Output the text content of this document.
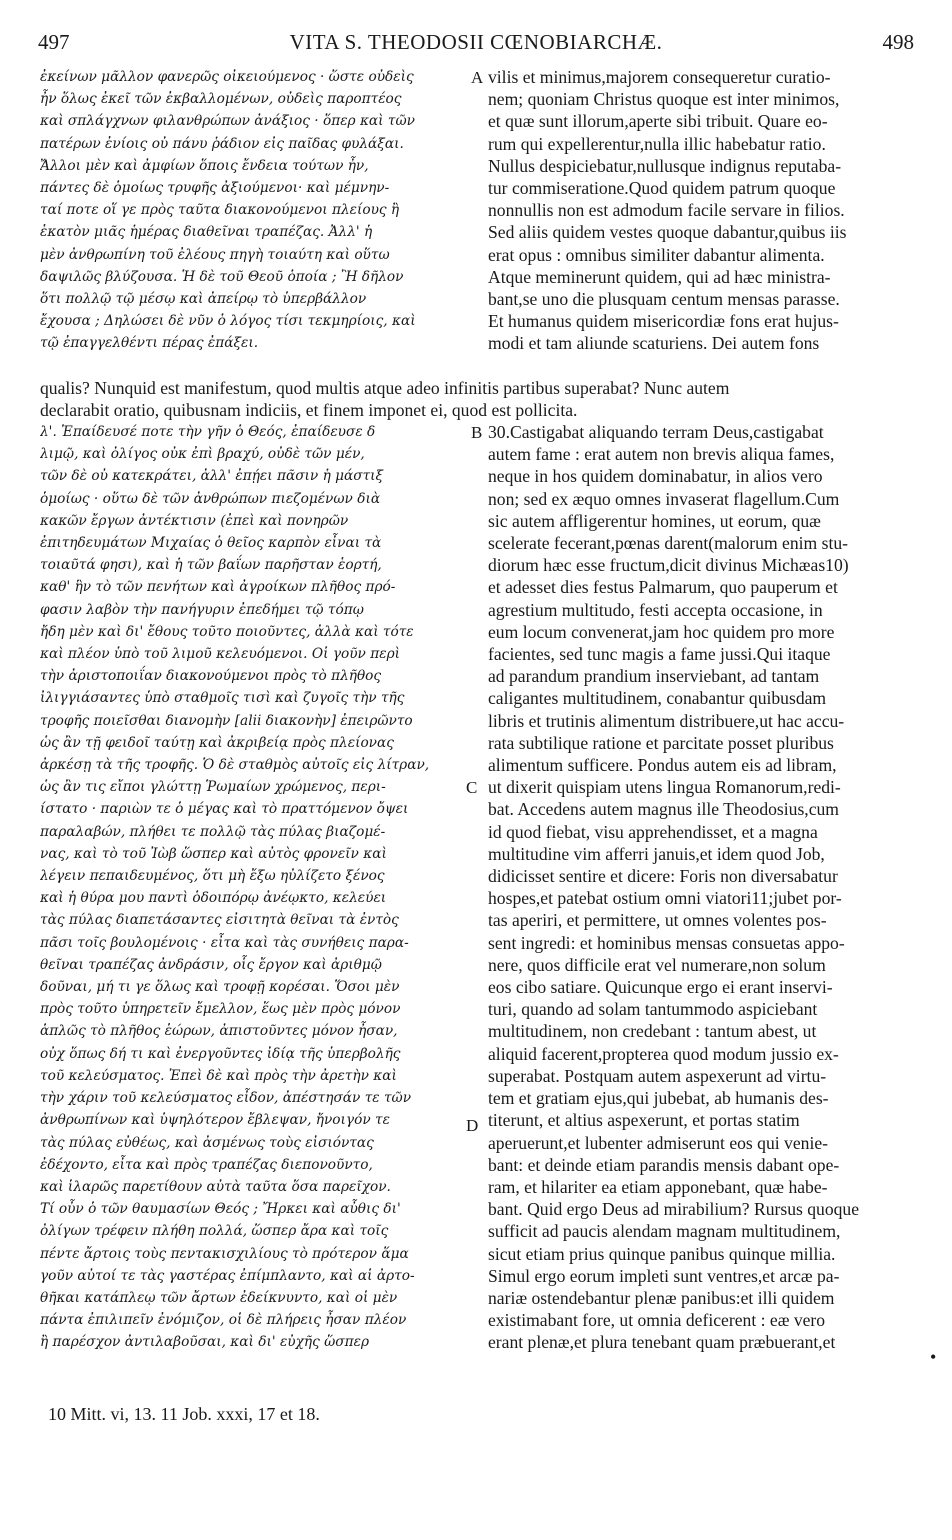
497	VITA S. THEODOSII CŒNOBIARCHÆ.	498
ἐκείνων μᾶλλον φανερῶς οἰκειούμενος · ὥστε οὐδεὶς
ἦν ὅλως ἐκεῖ τῶν ἐκβαλλομένων, οὐδεὶς παροπτέος
καὶ σπλάγχνων φιλανθρώπων ἀνάξιος · ὅπερ καὶ τῶν
πατέρων ἐνίοις οὐ πάνυ ῥάδιον εἰς παῖδας φυλάξαι.
Ἄλλοι μὲν καὶ ἀμφίων ὅποις ἔνδεια τούτων ἦν,
πάντες δὲ ὁμοίως τρυφῆς ἀξιούμενοι· καὶ μέμνην-
ταί ποτε οἵ γε πρὸς ταῦτα διακονούμενοι πλείους ἢ
ἑκατὸν μιᾶς ἡμέρας διαθεῖναι τραπέζας. Ἀλλ' ἡ
μὲν ἀνθρωπίνη τοῦ ἐλέους πηγὴ τοιαύτη καὶ οὕτω
δαψιλῶς βλύζουσα. Ἡ δὲ τοῦ Θεοῦ ὁποία ; Ἢ δῆλον
ὅτι πολλῷ τῷ μέσῳ καὶ ἀπείρῳ τὸ ὑπερβάλλον
ἔχουσα ; Δηλώσει δὲ νῦν ὁ λόγος τίσι τεκμηρίοις, καὶ
τῷ ἐπαγγελθέντι πέρας ἐπάξει.
vilis et minimus,majorem consequeretur curatio-
nem; quoniam Christus quoque est inter minimos,
et quæ sunt illorum,aperte sibi tribuit. Quare eo-
rum qui expellerentur,nulla illic habebatur ratio.
Nullus despiciebatur,nullusque indignus reputaba-
tur commiseratione.Quod quidem patrum quoque
nonnullis non est admodum facile servare in filios.
Sed aliis quidem vestes quoque dabantur,quibus iis
erat opus : omnibus similiter dabantur alimenta.
Atque meminerunt quidem, qui ad hæc ministra-
bant,se uno die plusquam centum mensas parasse.
Et humanus quidem misericordiæ fons erat hujus-
modi et tam aliunde scaturiens. Dei autem fons
qualis? Nunquid est manifestum, quod multis atque adeo infinitis partibus superabat? Nunc autem
declarabit oratio, quibusnam indiciis, et finem imponet ei, quod est pollicita.
λ'. Ἐπαίδευσέ ποτε τὴν γῆν ὁ Θεός, ἐπαίδευσε δ
λιμῷ, καὶ ὀλίγος οὐκ ἐπὶ βραχύ, οὐδὲ τῶν μέν,
τῶν δὲ οὐ κατεκράτει, ἀλλ' ἐπῄει πᾶσιν ἡ μάστιξ
ὁμοίως · οὕτω δὲ τῶν ἀνθρώπων πιεζομένων διὰ
κακῶν ἔργων ἀντέκτισιν (ἐπεὶ καὶ πονηρῶν
ἐπιτηδευμάτων Μιχαίας ὁ θεῖος καρπὸν εἶναι τὰ
τοιαῦτά φησι), καὶ ἡ τῶν βαΐων παρῆσταν ἑορτή,
καθ' ἣν τὸ τῶν πενήτων καὶ ἀγροίκων πλῆθος πρό-
φασιν λαβὸν τὴν πανήγυριν ἐπεδήμει τῷ τόπῳ
ἤδη μὲν καὶ δι' ἔθους τοῦτο ποιοῦντες, ἀλλὰ καὶ τότε
καὶ πλέον ὑπὸ τοῦ λιμοῦ κελευόμενοι. Οἱ γοῦν περὶ
τὴν ἀριστοποιΐαν διακονούμενοι πρὸς τὸ πλῆθος
ἰλιγγιάσαντες ὑπὸ σταθμοῖς τισὶ καὶ ζυγοῖς τὴν τῆς
τροφῆς ποιεῖσθαι διανομὴν [alii διακονὴν] ἐπειρῶντο
ὡς ἂν τῇ φειδοῖ ταύτῃ καὶ ἀκριβείᾳ πρὸς πλείονας
ἀρκέσῃ τὰ τῆς τροφῆς. Ὁ δὲ σταθμὸς αὐτοῖς εἰς λίτραν,
ὡς ἂν τις εἴποι γλώττῃ Ῥωμαίων χρώμενος, περι-
ίστατο · παριὼν τε ὁ μέγας καὶ τὸ πραττόμενον ὄψει
παραλαβών, πλήθει τε πολλῷ τὰς πύλας βιαζομέ-
νας, καὶ τὸ τοῦ Ἰὼβ ὥσπερ καὶ αὐτὸς φρονεῖν καὶ
λέγειν πεπαιδευμένος, ὅτι μὴ ἔξω ηὐλίζετο ξένος
καὶ ἡ θύρα μου παντὶ ὁδοιπόρῳ ἀνέῳκτο, κελεύει
τὰς πύλας διαπετάσαντες εἰσιτητὰ θεῖναι τὰ ἐντὸς
πᾶσι τοῖς βουλομένοις · εἶτα καὶ τὰς συνήθεις παρα-
θεῖναι τραπέζας ἀνδράσιν, οἷς ἔργον καὶ ἀριθμῷ
δοῦναι, μή τι γε ὅλως καὶ τροφῇ κορέσαι. Ὅσοι μὲν
πρὸς τοῦτο ὑπηρετεῖν ἔμελλον, ἕως μὲν πρὸς μόνον
ἁπλῶς τὸ πλῆθος ἑώρων, ἀπιστοῦντες μόνον ἦσαν,
οὐχ ὅπως δή τι καὶ ἐνεργοῦντες ἰδίᾳ τῆς ὑπερβολῆς
τοῦ κελεύσματος. Ἐπεὶ δὲ καὶ πρὸς τὴν ἀρετὴν καὶ
τὴν χάριν τοῦ κελεύσματος εἶδον, ἀπέστησάν τε τῶν
ἀνθρωπίνων καὶ ὑψηλότερον ἔβλεψαν, ἤνοιγόν τε
τὰς πύλας εὐθέως, καὶ ἀσμένως τοὺς εἰσιόντας
ἐδέχοντο, εἶτα καὶ πρὸς τραπέζας διεπονοῦντο,
καὶ ἱλαρῶς παρετίθουν αὐτὰ ταῦτα ὅσα παρεῖχον.
Τί οὖν ὁ τῶν θαυμασίων Θεός ; Ἤρκει καὶ αὖθις δι'
ὀλίγων τρέφειν πλήθη πολλά, ὥσπερ ἄρα καὶ τοῖς
πέντε ἄρτοις τοὺς πεντακισχιλίους τὸ πρότερον ἅμα
γοῦν αὐτοί τε τὰς γαστέρας ἐπίμπλαντο, καὶ αἱ ἀρτο-
θῆκαι κατάπλεῳ τῶν ἄρτων ἐδείκνυντο, καὶ οἱ μὲν
πάντα ἐπιλιπεῖν ἐνόμιζον, οἱ δὲ πλήρεις ἦσαν πλέον
ἢ παρέσχον ἀντιλαβοῦσαι, καὶ δι' εὐχῆς ὥσπερ
30.Castigabat aliquando terram Deus,castigabat
autem fame : erat autem non brevis aliqua fames,
neque in hos quidem dominabatur, in alios vero
non; sed ex æquo omnes invaserat flagellum.Cum
sic autem affligerentur homines, ut eorum, quæ
scelerate fecerant,pœnas darent(malorum enim stu-
diorum hæc esse fructum,dicit divinus Michæas10)
et adesset dies festus Palmarum, quo pauperum et
agrestium multitudo, festi accepta occasione, in
eum locum convenerat,jam hoc quidem pro more
facientes, sed tunc magis a fame jussi.Qui itaque
ad parandum prandium inserviebant, ad tantam
caligantes multitudinem, conabantur quibusdam
libris et trutinis alimentum distribuere,ut hac accu-
rata subtilique ratione et parcitate posset pluribus
alimentum sufficere. Pondus autem eis ad libram,
ut dixerit quispiam utens lingua Romanorum,redi-
bat. Accedens autem magnus ille Theodosius,cum
id quod fiebat, visu apprehendisset, et a magna
multitudine vim afferri januis,et idem quod Job,
didicisset sentire et dicere: Foris non diversabatur
hospes,et patebat ostium omni viatori11;jubet por-
tas aperiri, et permittere, ut omnes volentes pos-
sent ingredi: et hominibus mensas consuetas appo-
nere, quos difficile erat vel numerare,non solum
eos cibo satiare. Quicunque ergo ei erant inservi-
turi, quando ad solam tantummodo aspiciebant
multitudinem, non credebant : tantum abest, ut
aliquid facerent,propterea quod modum jussio ex-
superabat. Postquam autem aspexerunt ad virtu-
tem et gratiam ejus,qui jubebat, ab humanis des-
titerunt, et altius aspexerunt, et portas statim
aperuerunt,et lubenter admiserunt eos qui venie-
bant: et deinde etiam parandis mensis dabant ope-
ram, et hilariter ea etiam apponebant, quæ habe-
bant. Quid ergo Deus ad mirabilium? Rursus quoque
sufficit ad paucis alendam magnam multitudinem,
sicut etiam prius quinque panibus quinque millia.
Simul ergo eorum impleti sunt ventres,et arcæ pa-
nariæ ostendebantur plenæ panibus:et illi quidem
existimabant fore, ut omnia deficerent : eæ vero
erant plenæ,et plura tenebant quam præbuerant,et
A
B
C
D
•
10 Mitt. vi, 13. 11 Job. xxxi, 17 et 18.
